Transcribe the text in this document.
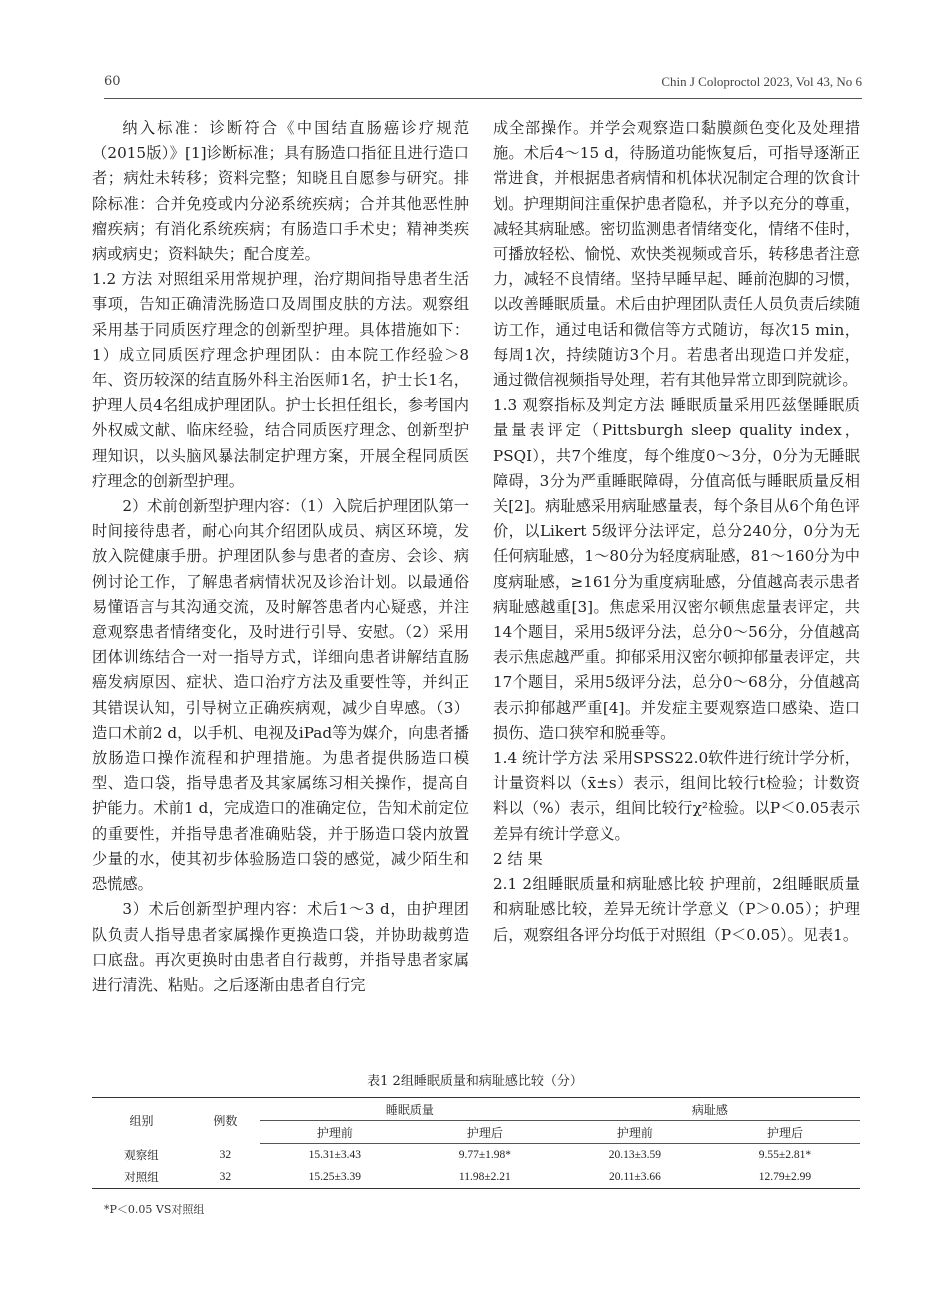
60	Chin J Coloproctol 2023, Vol 43, No 6

纳入标准：诊断符合《中国结直肠癌诊疗规范（2015版）》[1]诊断标准；具有肠造口指征且进行造口者；病灶未转移；资料完整；知晓且自愿参与研究。排除标准：合并免疫或内分泌系统疾病；合并其他恶性肿瘤疾病；有消化系统疾病；有肠造口手术史；精神类疾病或病史；资料缺失；配合度差。

1.2 方法 对照组采用常规护理，治疗期间指导患者生活事项，告知正确清洗肠造口及周围皮肤的方法。观察组采用基于同质医疗理念的创新型护理。具体措施如下：1）成立同质医疗理念护理团队：由本院工作经验＞8年、资历较深的结直肠外科主治医师1名，护士长1名，护理人员4名组成护理团队。护士长担任组长，参考国内外权威文献、临床经验，结合同质医疗理念、创新型护理知识，以头脑风暴法制定护理方案，开展全程同质医疗理念的创新型护理。

2）术前创新型护理内容：（1）入院后护理团队第一时间接待患者，耐心向其介绍团队成员、病区环境，发放入院健康手册。护理团队参与患者的查房、会诊、病例讨论工作，了解患者病情状况及诊治计划。以最通俗易懂语言与其沟通交流，及时解答患者内心疑惑，并注意观察患者情绪变化，及时进行引导、安慰。（2）采用团体训练结合一对一指导方式，详细向患者讲解结直肠癌发病原因、症状、造口治疗方法及重要性等，并纠正其错误认知，引导树立正确疾病观，减少自卑感。（3）造口术前2 d，以手机、电视及iPad等为媒介，向患者播放肠造口操作流程和护理措施。为患者提供肠造口模型、造口袋，指导患者及其家属练习相关操作，提高自护能力。术前1 d，完成造口的准确定位，告知术前定位的重要性，并指导患者准确贴袋，并于肠造口袋内放置少量的水，使其初步体验肠造口袋的感觉，减少陌生和恐慌感。

3）术后创新型护理内容：术后1～3 d，由护理团队负责人指导患者家属操作更换造口袋，并协助裁剪造口底盘。再次更换时由患者自行裁剪，并指导患者家属进行清洗、粘贴。之后逐渐由患者自行完

成全部操作。并学会观察造口黏膜颜色变化及处理措施。术后4～15 d，待肠道功能恢复后，可指导逐渐正常进食，并根据患者病情和机体状况制定合理的饮食计划。护理期间注重保护患者隐私，并予以充分的尊重，减轻其病耻感。密切监测患者情绪变化，情绪不佳时，可播放轻松、愉悦、欢快类视频或音乐，转移患者注意力，减轻不良情绪。坚持早睡早起、睡前泡脚的习惯，以改善睡眠质量。术后由护理团队责任人员负责后续随访工作，通过电话和微信等方式随访，每次15 min，每周1次，持续随访3个月。若患者出现造口并发症，通过微信视频指导处理，若有其他异常立即到院就诊。

1.3 观察指标及判定方法 睡眠质量采用匹兹堡睡眠质量量表评定（Pittsburgh sleep quality index，PSQI），共7个维度，每个维度0～3分，0分为无睡眠障碍，3分为严重睡眠障碍，分值高低与睡眠质量反相关[2]。病耻感采用病耻感量表，每个条目从6个角色评价，以Likert 5级评分法评定，总分240分，0分为无任何病耻感，1～80分为轻度病耻感，81～160分为中度病耻感，≥161分为重度病耻感，分值越高表示患者病耻感越重[3]。焦虑采用汉密尔顿焦虑量表评定，共14个题目，采用5级评分法，总分0～56分，分值越高表示焦虑越严重。抑郁采用汉密尔顿抑郁量表评定，共17个题目，采用5级评分法，总分0～68分，分值越高表示抑郁越严重[4]。并发症主要观察造口感染、造口损伤、造口狭窄和脱垂等。

1.4 统计学方法 采用SPSS22.0软件进行统计学分析，计量资料以（x̄±s）表示，组间比较行t检验；计数资料以（%）表示，组间比较行χ²检验。以P＜0.05表示差异有统计学意义。

2 结 果

2.1 2组睡眠质量和病耻感比较 护理前，2组睡眠质量和病耻感比较，差异无统计学意义（P＞0.05）；护理后，观察组各评分均低于对照组（P＜0.05）。见表1。

表1 2组睡眠质量和病耻感比较（分）
组别	例数	睡眠质量		病耻感	
		护理前	护理后	护理前	护理后
观察组	32	15.31±3.43	9.77±1.98*	20.13±3.59	9.55±2.81*
对照组	32	15.25±3.39	11.98±2.21	20.11±3.66	12.79±2.99
*P＜0.05 VS对照组
